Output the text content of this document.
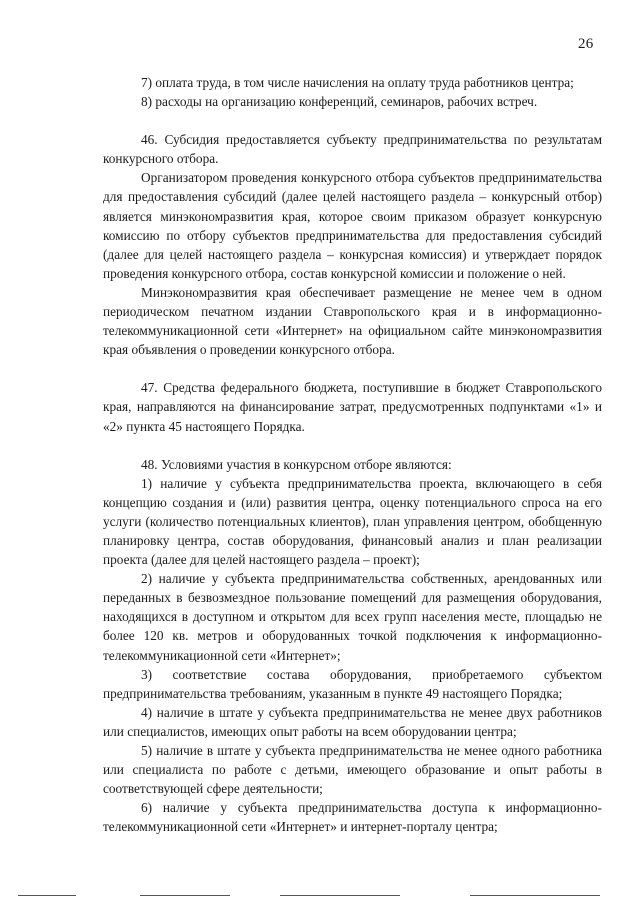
26

7) оплата труда, в том числе начисления на оплату труда работников центра;

8) расходы на организацию конференций, семинаров, рабочих встреч.

46. Субсидия предоставляется субъекту предпринимательства по результатам конкурсного отбора.

Организатором проведения конкурсного отбора субъектов предпринимательства для предоставления субсидий (далее целей настоящего раздела – конкурсный отбор) является минэкономразвития края, которое своим приказом образует конкурсную комиссию по отбору субъектов предпринимательства для предоставления субсидий (далее для целей настоящего раздела – конкурсная комиссия) и утверждает порядок проведения конкурсного отбора, состав конкурсной комиссии и положение о ней.

Минэкономразвития края обеспечивает размещение не менее чем в одном периодическом печатном издании Ставропольского края и в информационно-телекоммуникационной сети «Интернет» на официальном сайте минэкономразвития края объявления о проведении конкурсного отбора.

47. Средства федерального бюджета, поступившие в бюджет Ставропольского края, направляются на финансирование затрат, предусмотренных подпунктами «1» и «2» пункта 45 настоящего Порядка.

48. Условиями участия в конкурсном отборе являются:

1) наличие у субъекта предпринимательства проекта, включающего в себя концепцию создания и (или) развития центра, оценку потенциального спроса на его услуги (количество потенциальных клиентов), план управления центром, обобщенную планировку центра, состав оборудования, финансовый анализ и план реализации проекта (далее для целей настоящего раздела – проект);

2) наличие у субъекта предпринимательства собственных, арендованных или переданных в безвозмездное пользование помещений для размещения оборудования, находящихся в доступном и открытом для всех групп населения месте, площадью не более 120 кв. метров и оборудованных точкой подключения к информационно-телекоммуникационной сети «Интернет»;

3) соответствие состава оборудования, приобретаемого субъектом предпринимательства требованиям, указанным в пункте 49 настоящего Порядка;

4) наличие в штате у субъекта предпринимательства не менее двух работников или специалистов, имеющих опыт работы на всем оборудовании центра;

5) наличие в штате у субъекта предпринимательства не менее одного работника или специалиста по работе с детьми, имеющего образование и опыт работы в соответствующей сфере деятельности;

6) наличие у субъекта предпринимательства доступа к информационно-телекоммуникационной сети «Интернет» и интернет-порталу центра;
